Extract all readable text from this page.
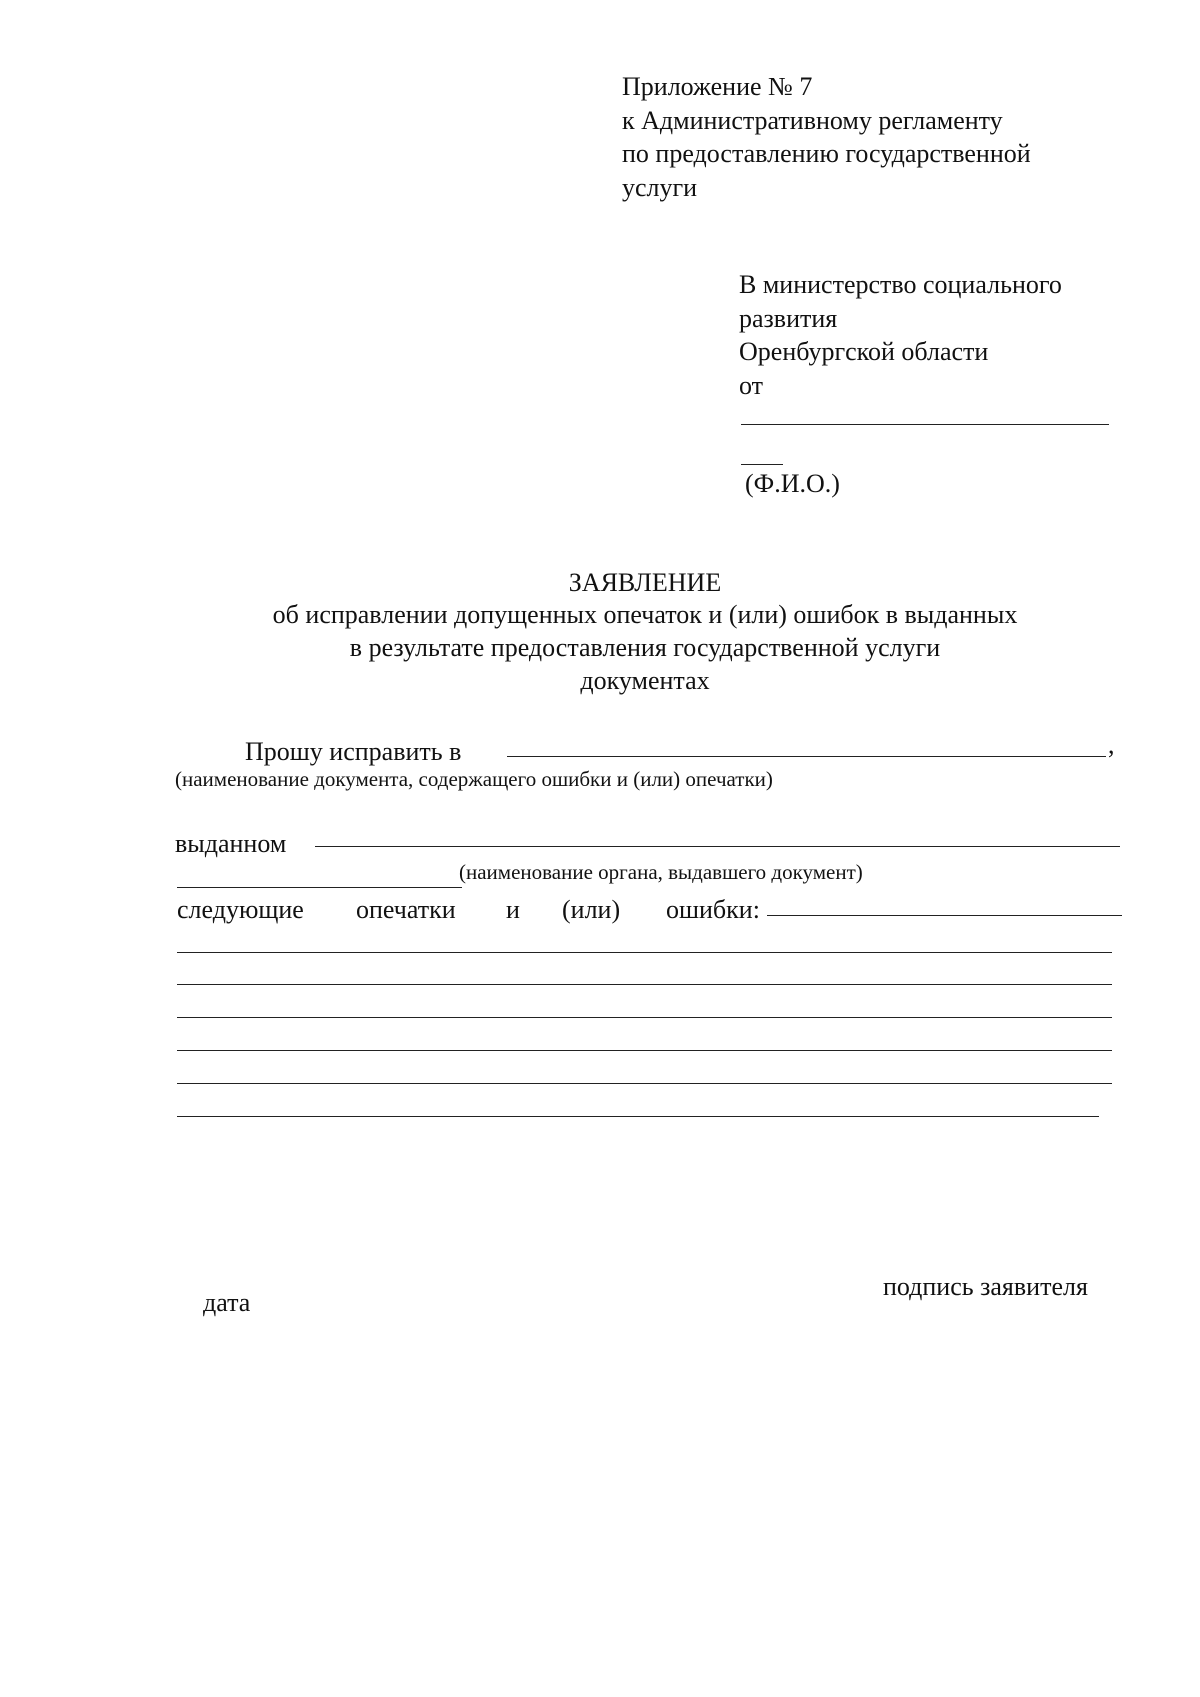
Приложение № 7
к Административному регламенту
по предоставлению государственной
услуги
В министерство социального
развития
Оренбургской области
от
(Ф.И.О.)
ЗАЯВЛЕНИЕ
об исправлении допущенных опечаток и (или) ошибок в выданных
в результате предоставления государственной услуги
документах
Прошу исправить в	,
(наименование документа, содержащего ошибки и (или) опечатки)
выданном
(наименование органа, выдавшего документ)
следующие опечатки и (или) ошибки:
дата
подпись заявителя
